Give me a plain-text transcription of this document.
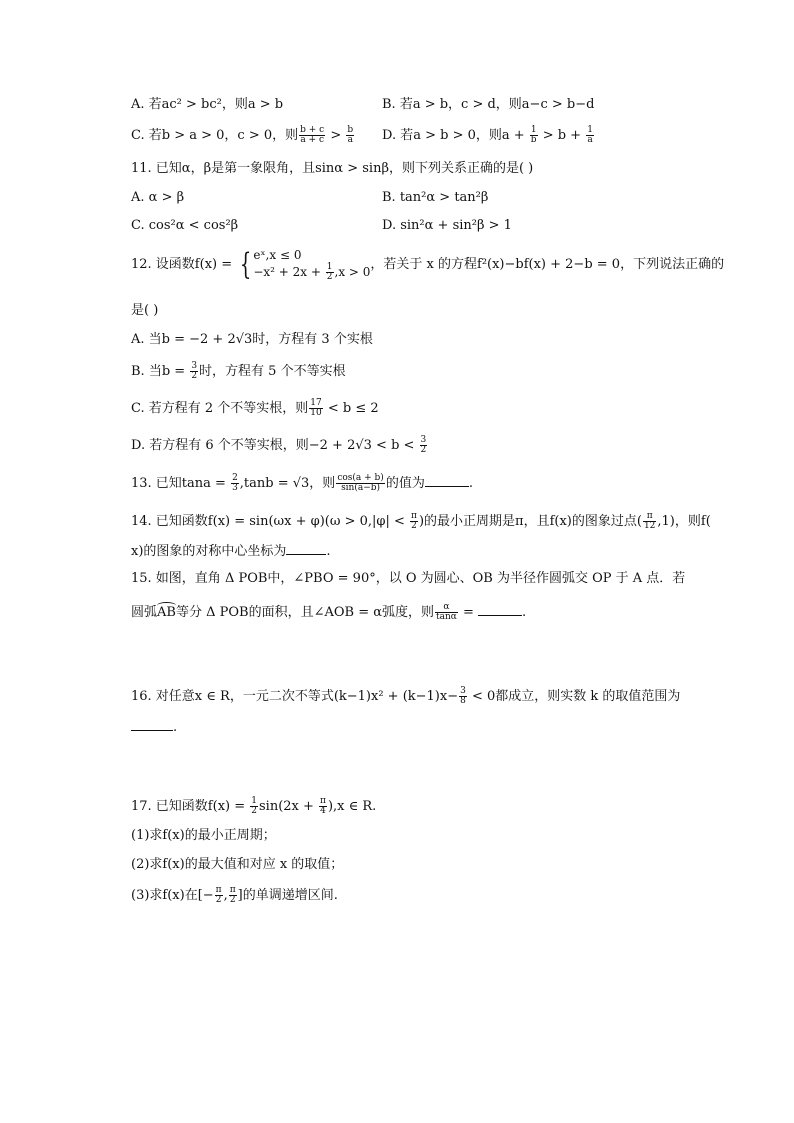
A. 若ac² > bc²，则a > b	B. 若a > b，c > d，则a−c > b−d
C. 若b > a > 0，c > 0，则 $\frac{b + c}{a + c} > \frac{b}{a} D$. 若a > b > 0，则$a + \frac{1}{b} > b + \frac{1}{a}$
11. 已知α，β是第一象限角，且sinα > sinβ，则下列关系正确的是( )
A. α > β	B. tan²α > tan²β
C. cos²α < cos²β	D. sin²α + sin²β > 1
12. 设函数f(x) = { eˣ,x ≤ 0
$-x^2 + 2x + \frac{1}{2} ,x > 0$ ，若关于 x 的方程f²(x)−bf(x) + 2−b = 0，下列说法正确的
是( )
A. 当b = −2 + 2√3时，方程有 3 个实根
B. 当$b = \frac{3}{2}$ 时，方程有 5 个不等实根
C. 若方程有 2 个不等实根，则 $\frac{17}{10} < b \le 2$
D. 若方程有 6 个不等实根，则$-2 + 2√3 < b < \frac{3}{2}$
13. 已知$\tan a = \frac{2}{3} ,\tan b = √3$，则 $\frac{\cos(a + b)}{\sin(a-b)}$ 的值为	.
14. 已知函数$f(x) = \sin(\omega x + \varphi)(\omega > 0,|\varphi| < \frac{\pi}{2}$ )的最小正周期是π，且f(x)的图象过点( $\frac{\pi}{12} ,1$)，则f(
x)的图象的对称中心坐标为	.
15. 如图，直角 Δ POB中，∠PBO = 90°，以 O 为圆心、OB 为半径作圆弧交 OP 于 A 点．若
圆弧AB等分 Δ POB的面积，且∠AOB = α弧度，则 $\frac{\alpha}{\tan\alpha}$ =	.
16. 对任意x ∈ R，一元二次不等式$(k-1)x^2 + (k-1)x- \frac{3}{8} < 0$都成立，则实数 k 的取值范围为
.
17. 已知函数$f(x) = \frac{1}{2} \sin(2x + \frac{\pi}{4} ),x$ ∈ R.
(1)求f(x)的最小正周期；
(2)求f(x)的最大值和对应 x 的取值；
(3)求f(x)在[− $\frac{\pi}{2}$ , $\frac{\pi}{2}$ ]的单调递增区间.
